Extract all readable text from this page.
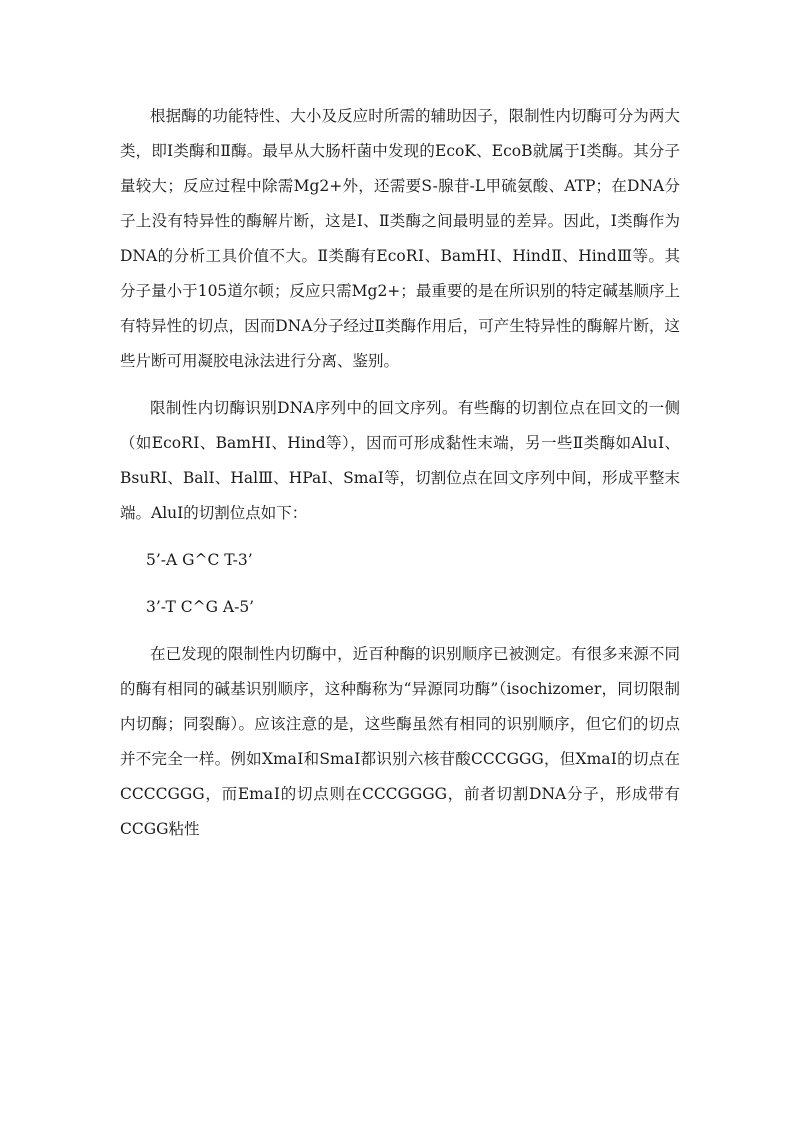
根据酶的功能特性、大小及反应时所需的辅助因子，限制性内切酶可分为两大类，即Ⅰ类酶和Ⅱ酶。最早从大肠杆菌中发现的EcoK、EcoB就属于Ⅰ类酶。其分子量较大；反应过程中除需Mg2+外，还需要S-腺苷-L甲硫氨酸、ATP；在DNA分子上没有特异性的酶解片断，这是Ⅰ、Ⅱ类酶之间最明显的差异。因此，Ⅰ类酶作为DNA的分析工具价值不大。Ⅱ类酶有EcoRⅠ、BamHⅠ、HindⅡ、HindⅢ等。其分子量小于105道尔顿；反应只需Mg2+；最重要的是在所识别的特定碱基顺序上有特异性的切点，因而DNA分子经过Ⅱ类酶作用后，可产生特异性的酶解片断，这些片断可用凝胶电泳法进行分离、鉴别。

限制性内切酶识别DNA序列中的回文序列。有些酶的切割位点在回文的一侧（如EcoRⅠ、BamHⅠ、Hind等），因而可形成黏性末端，另一些Ⅱ类酶如AluⅠ、BsuRⅠ、BalⅠ、HalⅢ、HPaⅠ、SmaⅠ等，切割位点在回文序列中间，形成平整末端。AluⅠ的切割位点如下：

5’-A G^C T-3’

3’-T C^G A-5’

在已发现的限制性内切酶中，近百种酶的识别顺序已被测定。有很多来源不同的酶有相同的碱基识别顺序，这种酶称为“异源同功酶”（isochizomer，同切限制内切酶；同裂酶）。应该注意的是，这些酶虽然有相同的识别顺序，但它们的切点并不完全一样。例如XmaⅠ和SmaⅠ都识别六核苷酸CCCGGG，但XmaⅠ的切点在CCCCGGG，而EmaⅠ的切点则在CCCGGGG，前者切割DNA分子，形成带有CCGG粘性
